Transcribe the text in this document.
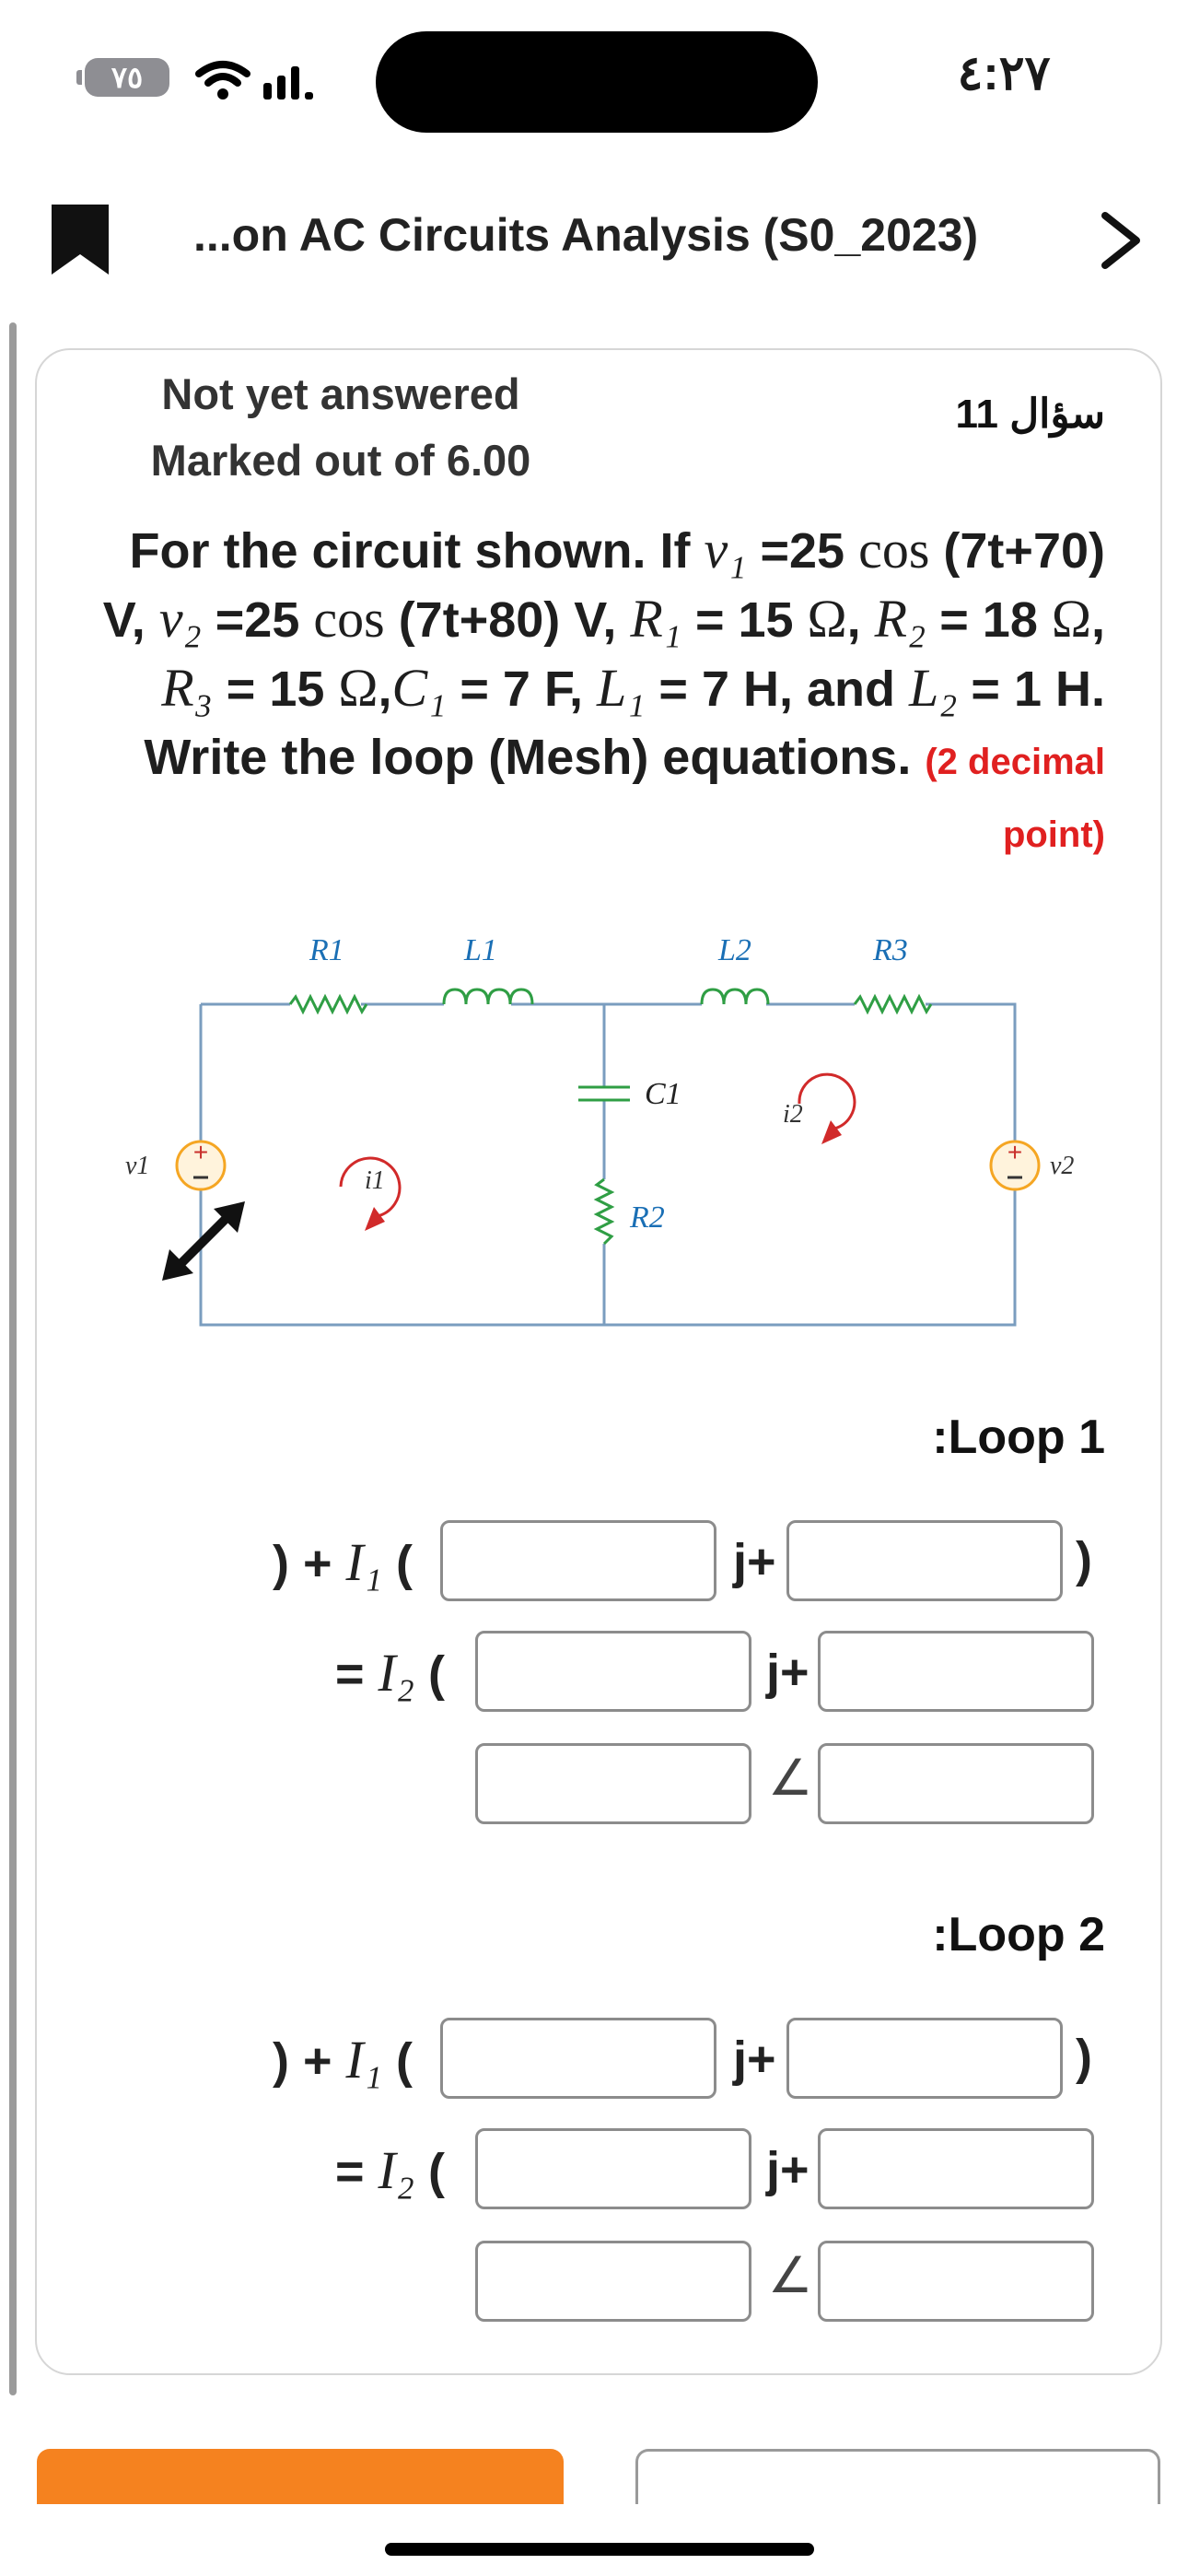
٧٥	٤:٢٧
...on AC Circuits Analysis (S0_2023)
Not yet answered
Marked out of 6.00
سؤال 11
For the circuit shown. If v₁ =25 cos (7t+70) V, v₂ =25 cos (7t+80) V, R₁ = 15 Ω, R₂ = 18 Ω, R₃ = 15 Ω,C₁ = 7 F, L₁ = 7 H, and L₂ = 1 H. Write the loop (Mesh) equations. (2 decimal point)
+	+
R1	L1	L2	R3
C1
R2
v1	v2
i1
i2
:Loop 1
) + I₁ (	j+	)
= I₂ (	j+
∠
:Loop 2
) + I₁ (	j+	)
= I₂ (	j+
∠
